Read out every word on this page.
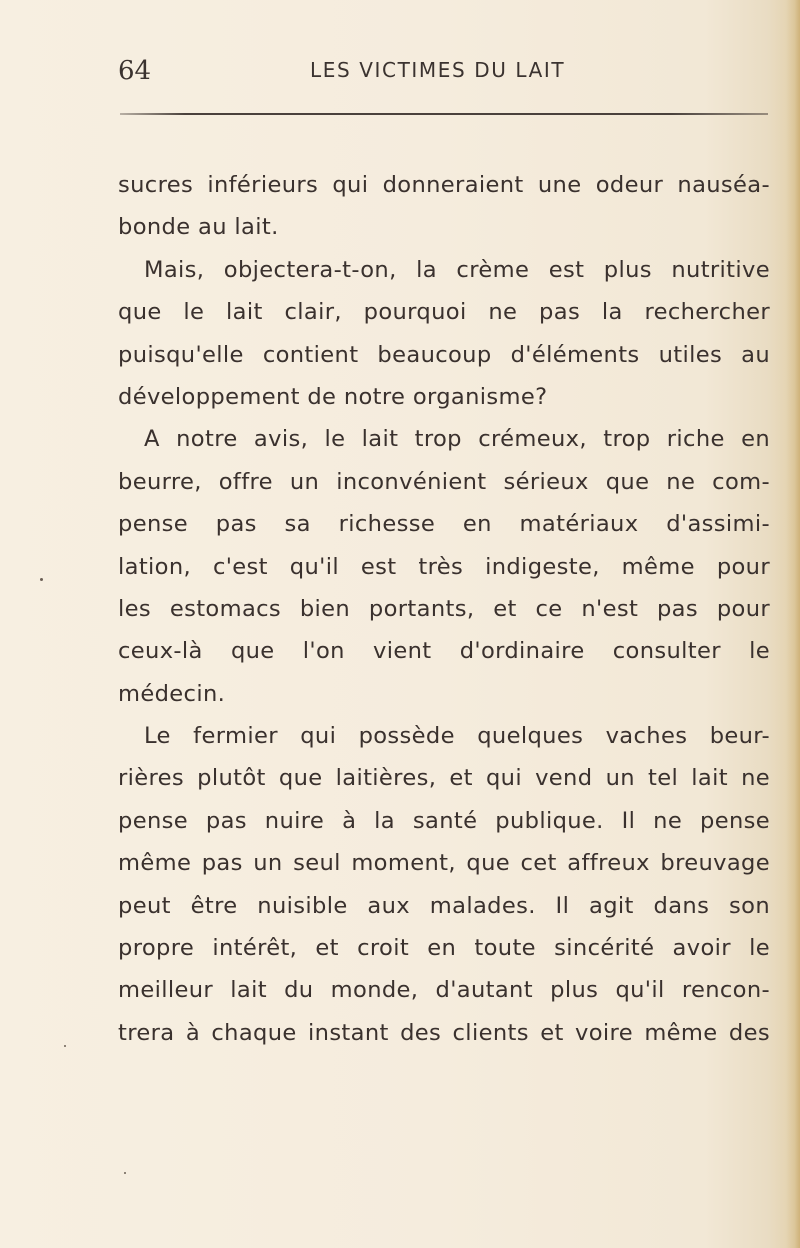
64	LES VICTIMES DU LAIT
sucres inférieurs qui donneraient une odeur nauséa-
bonde au lait.
Mais, objectera-t-on, la crème est plus nutritive
que le lait clair, pourquoi ne pas la rechercher
puisqu'elle contient beaucoup d'éléments utiles au
développement de notre organisme?
A notre avis, le lait trop crémeux, trop riche en
beurre, offre un inconvénient sérieux que ne com-
pense pas sa richesse en matériaux d'assimi-
lation, c'est qu'il est très indigeste, même pour
les estomacs bien portants, et ce n'est pas pour
ceux-là que l'on vient d'ordinaire consulter le
médecin.
Le fermier qui possède quelques vaches beur-
rières plutôt que laitières, et qui vend un tel lait ne
pense pas nuire à la santé publique. Il ne pense
même pas un seul moment, que cet affreux breuvage
peut être nuisible aux malades. Il agit dans son
propre intérêt, et croit en toute sincérité avoir le
meilleur lait du monde, d'autant plus qu'il rencon-
trera à chaque instant des clients et voire même des
